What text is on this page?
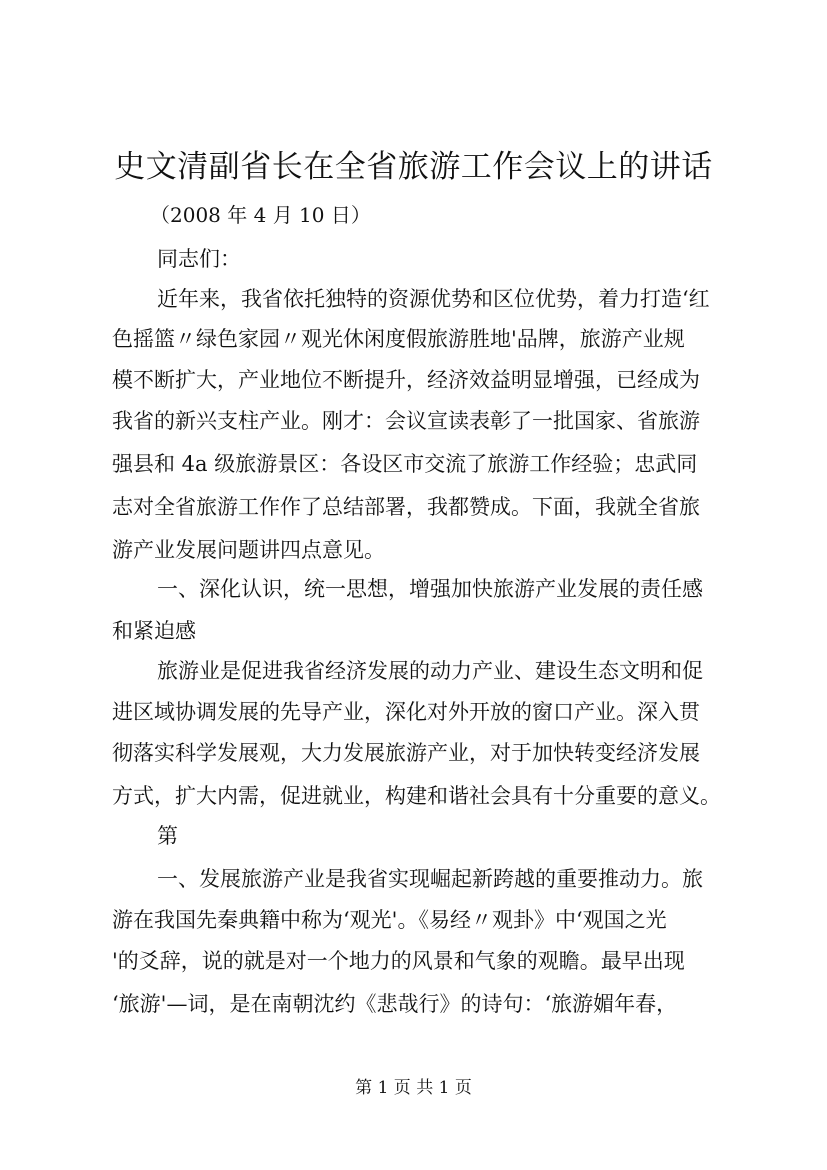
史文清副省长在全省旅游工作会议上的讲话
（2008 年 4 月 10 日）
同志们：
近年来，我省依托独特的资源优势和区位优势，着力打造‘红
色摇篮〃绿色家园〃观光休闲度假旅游胜地'品牌，旅游产业规
模不断扩大，产业地位不断提升，经济效益明显增强，已经成为
我省的新兴支柱产业。刚才：会议宣读表彰了一批国家、省旅游
强县和 4a 级旅游景区：各设区市交流了旅游工作经验；忠武同
志对全省旅游工作作了总结部署，我都赞成。下面，我就全省旅
游产业发展问题讲四点意见。
一、深化认识，统一思想，增强加快旅游产业发展的责任感
和紧迫感
旅游业是促进我省经济发展的动力产业、建设生态文明和促
进区域协调发展的先导产业，深化对外开放的窗口产业。深入贯
彻落实科学发展观，大力发展旅游产业，对于加快转变经济发展
方式，扩大内需，促进就业，构建和谐社会具有十分重要的意义。
第
一、发展旅游产业是我省实现崛起新跨越的重要推动力。旅
游在我国先秦典籍中称为‘观光'。《易经〃观卦》中‘观国之光
'的爻辞，说的就是对一个地力的风景和气象的观瞻。最早出现
‘旅游'—词，是在南朝沈约《悲哉行》的诗句：‘旅游媚年春，
第 1 页 共 1 页
